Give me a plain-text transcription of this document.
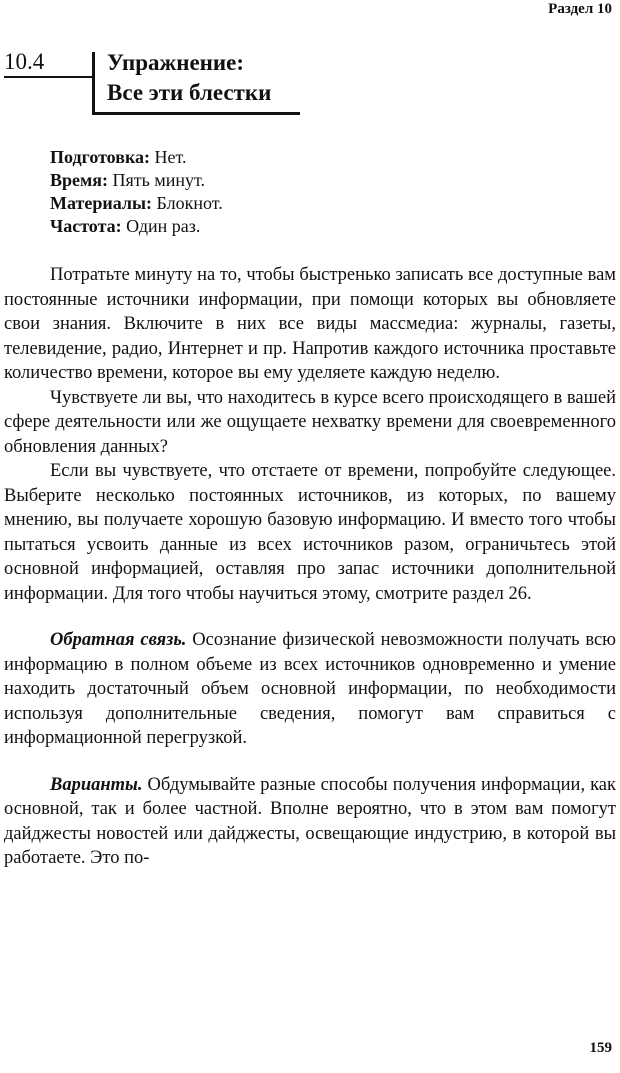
Раздел 10
10.4	Упражнение:
Все эти блестки
Подготовка: Нет.
Время: Пять минут.
Материалы: Блокнот.
Частота: Один раз.

Потратьте минуту на то, чтобы быстренько записать все доступные вам постоянные источники информации, при помощи которых вы обновляете свои знания. Включите в них все виды массмедиа: журналы, газеты, телевидение, радио, Интернет и пр. Напротив каждого источника проставьте количество времени, которое вы ему уделяете каждую неделю.

Чувствуете ли вы, что находитесь в курсе всего происходящего в вашей сфере деятельности или же ощущаете нехватку времени для своевременного обновления данных?

Если вы чувствуете, что отстаете от времени, попробуйте следующее. Выберите несколько постоянных источников, из которых, по вашему мнению, вы получаете хорошую базовую информацию. И вместо того чтобы пытаться усвоить данные из всех источников разом, ограничьтесь этой основной информацией, оставляя про запас источники дополнительной информации. Для того чтобы научиться этому, смотрите раздел 26.

Обратная связь. Осознание физической невозможности получать всю информацию в полном объеме из всех источников одновременно и умение находить достаточный объем основной информации, по необходимости используя дополнительные сведения, помогут вам справиться с информационной перегрузкой.

Варианты. Обдумывайте разные способы получения информации, как основной, так и более частной. Вполне вероятно, что в этом вам помогут дайджесты новостей или дайджесты, освещающие индустрию, в которой вы работаете. Это по-

159
